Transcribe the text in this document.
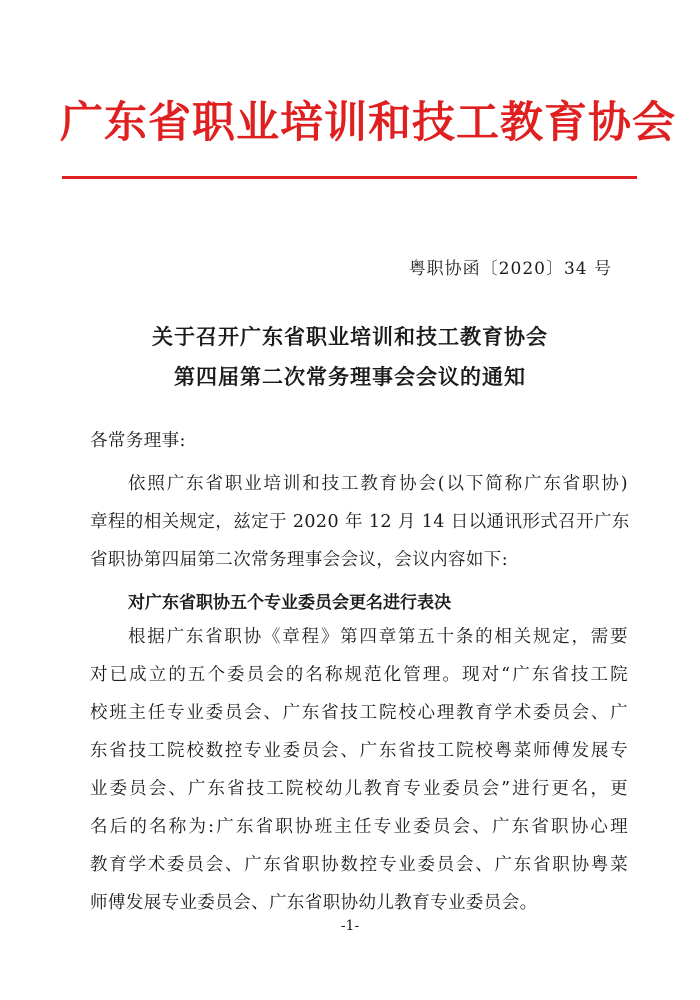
广东省职业培训和技工教育协会
粤职协函〔2020〕34 号
关于召开广东省职业培训和技工教育协会
第四届第二次常务理事会会议的通知
各常务理事:
依照广东省职业培训和技工教育协会(以下简称广东省职协)
章程的相关规定，兹定于 2020 年 12 月 14 日以通讯形式召开广东
省职协第四届第二次常务理事会会议，会议内容如下:
对广东省职协五个专业委员会更名进行表决
根据广东省职协《章程》第四章第五十条的相关规定，需要
对已成立的五个委员会的名称规范化管理。现对“广东省技工院
校班主任专业委员会、广东省技工院校心理教育学术委员会、广
东省技工院校数控专业委员会、广东省技工院校粤菜师傅发展专
业委员会、广东省技工院校幼儿教育专业委员会”进行更名，更
名后的名称为:广东省职协班主任专业委员会、广东省职协心理
教育学术委员会、广东省职协数控专业委员会、广东省职协粤菜
师傅发展专业委员会、广东省职协幼儿教育专业委员会。
-1-
